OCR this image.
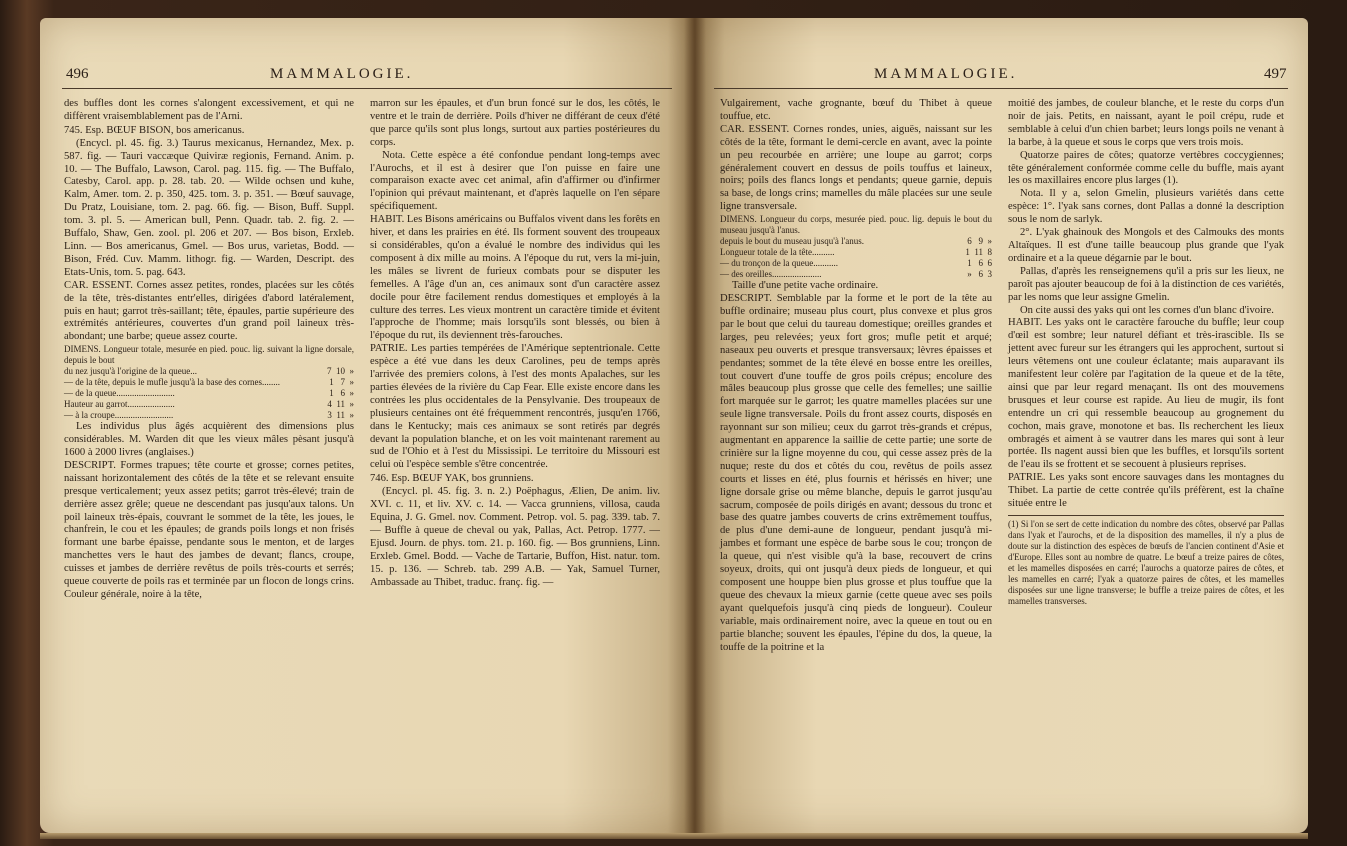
496	MAMMALOGIE.

des buffles dont les cornes s'alongent excessivement, et qui ne diffèrent vraisemblablement pas de l'Arni.

745. Esp. BŒUF BISON, bos americanus.

(Encycl. pl. 45. fig. 3.) Taurus mexicanus, Hernandez, Mex. p. 587. fig. — Tauri vaccæque Quiviræ regionis, Fernand. Anim. p. 10. — The Buffalo, Lawson, Carol. pag. 115. fig. — The Buffalo, Catesby, Carol. app. p. 28. tab. 20. — Wilde ochsen und kuhe, Kalm, Amer. tom. 2. p. 350, 425. tom. 3. p. 351. — Bœuf sauvage, Du Pratz, Louisiane, tom. 2. pag. 66. fig. — Bison, Buff. Suppl. tom. 3. pl. 5. — American bull, Penn. Quadr. tab. 2. fig. 2. — Buffalo, Shaw, Gen. zool. pl. 206 et 207. — Bos bison, Erxleb. Linn. — Bos americanus, Gmel. — Bos urus, varietas, Bodd. — Bison, Fréd. Cuv. Mamm. lithogr. fig. — Warden, Descript. des Etats-Unis, tom. 5. pag. 643.

CAR. ESSENT. Cornes assez petites, rondes, placées sur les côtés de la tête, très-distantes entr'elles, dirigées d'abord latéralement, puis en haut; garrot très-saillant; tête, épaules, partie supérieure des extrémités antérieures, couvertes d'un grand poil laineux très-abondant; une barbe; queue assez courte.

DIMENS. Longueur totale, mesurée en pied. pouc. lig. suivant la ligne dorsale, depuis le bout
du nez jusqu'à l'origine de la queue...	7  10  »
— de la tête, depuis le mufle jusqu'à la base des cornes........	1   7  »
— de la queue..........................	1   6  »
Hauteur au garrot.....................	4  11  »
— à la croupe..........................	3  11  »

Les individus plus âgés acquièrent des dimensions plus considérables. M. Warden dit que les vieux mâles pèsant jusqu'à 1600 à 2000 livres (anglaises.)

DESCRIPT. Formes trapues; tête courte et grosse; cornes petites, naissant horizontalement des côtés de la tête et se relevant ensuite presque verticalement; yeux assez petits; garrot très-élevé; train de derrière assez grêle; queue ne descendant pas jusqu'aux talons. Un poil laineux très-épais, couvrant le sommet de la tête, les joues, le chanfrein, le cou et les épaules; de grands poils longs et non frisés formant une barbe épaisse, pendante sous le menton, et de larges manchettes vers le haut des jambes de devant; flancs, croupe, cuisses et jambes de derrière revêtus de poils très-courts et serrés; queue couverte de poils ras et terminée par un flocon de longs crins. Couleur générale, noire à la tête,

marron sur les épaules, et d'un brun foncé sur le dos, les côtés, le ventre et le train de derrière. Poils d'hiver ne différant de ceux d'été que parce qu'ils sont plus longs, surtout aux parties postérieures du corps.

Nota. Cette espèce a été confondue pendant long-temps avec l'Aurochs, et il est à desirer que l'on puisse en faire une comparaison exacte avec cet animal, afin d'affirmer ou d'infirmer l'opinion qui prévaut maintenant, et d'après laquelle on l'en sépare spécifiquement.

HABIT. Les Bisons américains ou Buffalos vivent dans les forêts en hiver, et dans les prairies en été. Ils forment souvent des troupeaux si considérables, qu'on a évalué le nombre des individus qui les composent à dix mille au moins. A l'époque du rut, vers la mi-juin, les mâles se livrent de furieux combats pour se disputer les femelles. A l'âge d'un an, ces animaux sont d'un caractère assez docile pour être facilement rendus domestiques et employés à la culture des terres. Les vieux montrent un caractère timide et évitent l'approche de l'homme; mais lorsqu'ils sont blessés, ou bien à l'époque du rut, ils deviennent très-farouches.

PATRIE. Les parties tempérées de l'Amérique septentrionale. Cette espèce a été vue dans les deux Carolines, peu de temps après l'arrivée des premiers colons, à l'est des monts Apalaches, sur les parties élevées de la rivière du Cap Fear. Elle existe encore dans les contrées les plus occidentales de la Pensylvanie. Des troupeaux de plusieurs centaines ont été fréquemment rencontrés, jusqu'en 1766, dans le Kentucky; mais ces animaux se sont retirés par degrés devant la population blanche, et on les voit maintenant rarement au sud de l'Ohio et à l'est du Mississipi. Le territoire du Missouri est celui où l'espèce semble s'être concentrée.

746. Esp. BŒUF YAK, bos grunniens.

(Encycl. pl. 45. fig. 3. n. 2.) Poëphagus, Ælien, De anim. liv. XVI. c. 11, et liv. XV. c. 14. — Vacca grunniens, villosa, cauda Equina, J. G. Gmel. nov. Comment. Petrop. vol. 5. pag. 339. tab. 7. — Buffle à queue de cheval ou yak, Pallas, Act. Petrop. 1777. — Ejusd. Journ. de phys. tom. 21. p. 160. fig. — Bos grunniens, Linn. Erxleb. Gmel. Bodd. — Vache de Tartarie, Buffon, Hist. natur. tom. 15. p. 136. — Schreb. tab. 299 A.B. — Yak, Samuel Turner, Ambassade au Thibet, traduc. franç. fig. —

MAMMALOGIE.	497

Vulgairement, vache grognante, bœuf du Thibet à queue touffue, etc.

CAR. ESSENT. Cornes rondes, unies, aiguës, naissant sur les côtés de la tête, formant le demi-cercle en avant, avec la pointe un peu recourbée en arrière; une loupe au garrot; corps généralement couvert en dessus de poils touffus et laineux, noirs; poils des flancs longs et pendants; queue garnie, depuis sa base, de longs crins; mamelles du mâle placées sur une seule ligne transversale.

DIMENS. Longueur du corps, mesurée pied. pouc. lig. depuis le bout du museau jusqu'à l'anus.
depuis le bout du museau jusqu'à l'anus.	6   9  »
Longueur totale de la tête..........	1  11  8
— du tronçon de la queue...........	1   6  6
— des oreilles......................	»   6  3

Taille d'une petite vache ordinaire.

DESCRIPT. Semblable par la forme et le port de la tête au buffle ordinaire; museau plus court, plus convexe et plus gros par le bout que celui du taureau domestique; oreilles grandes et larges, peu relevées; yeux fort gros; mufle petit et arqué; naseaux peu ouverts et presque transversaux; lèvres épaisses et pendantes; sommet de la tête élevé en bosse entre les oreilles, tout couvert d'une touffe de gros poils crépus; encolure des mâles beaucoup plus grosse que celle des femelles; une saillie fort marquée sur le garrot; les quatre mamelles placées sur une seule ligne transversale. Poils du front assez courts, disposés en rayonnant sur son milieu; ceux du garrot très-grands et crépus, augmentant en apparence la saillie de cette partie; une sorte de crinière sur la ligne moyenne du cou, qui cesse assez près de la nuque; reste du dos et côtés du cou, revêtus de poils assez courts et lisses en été, plus fournis et hérissés en hiver; une ligne dorsale grise ou même blanche, depuis le garrot jusqu'au sacrum, composée de poils dirigés en avant; dessous du tronc et base des quatre jambes couverts de crins extrêmement touffus, de plus d'une demi-aune de longueur, pendant jusqu'à mi-jambes et formant une espèce de barbe sous le cou; tronçon de la queue, qui n'est visible qu'à la base, recouvert de crins soyeux, droits, qui ont jusqu'à deux pieds de longueur, et qui composent une houppe bien plus grosse et plus touffue que la queue des chevaux la mieux garnie (cette queue avec ses poils ayant quelquefois jusqu'à cinq pieds de longueur). Couleur variable, mais ordinairement noire, avec la queue en tout ou en partie blanche; souvent les épaules, l'épine du dos, la queue, la touffe de la poitrine et la

moitié des jambes, de couleur blanche, et le reste du corps d'un noir de jais. Petits, en naissant, ayant le poil crépu, rude et semblable à celui d'un chien barbet; leurs longs poils ne venant à la barbe, à la queue et sous le corps que vers trois mois.

Quatorze paires de côtes; quatorze vertèbres coccygiennes; tête généralement conformée comme celle du buffle, mais ayant les os maxillaires encore plus larges (1).

Nota. Il y a, selon Gmelin, plusieurs variétés dans cette espèce: 1°. l'yak sans cornes, dont Pallas a donné la description sous le nom de sarlyk.

2°. L'yak ghainouk des Mongols et des Calmouks des monts Altaïques. Il est d'une taille beaucoup plus grande que l'yak ordinaire et a la queue dégarnie par le bout.

Pallas, d'après les renseignemens qu'il a pris sur les lieux, ne paroît pas ajouter beaucoup de foi à la distinction de ces variétés, par les noms que leur assigne Gmelin.

On cite aussi des yaks qui ont les cornes d'un blanc d'ivoire.

HABIT. Les yaks ont le caractère farouche du buffle; leur coup d'œil est sombre; leur naturel défiant et très-irascible. Ils se jettent avec fureur sur les étrangers qui les approchent, surtout si leurs vêtemens ont une couleur éclatante; mais auparavant ils manifestent leur colère par l'agitation de la queue et de la tête, ainsi que par leur regard menaçant. Ils ont des mouvemens brusques et leur course est rapide. Au lieu de mugir, ils font entendre un cri qui ressemble beaucoup au grognement du cochon, mais grave, monotone et bas. Ils recherchent les lieux ombragés et aiment à se vautrer dans les mares qui sont à leur portée. Ils nagent aussi bien que les buffles, et lorsqu'ils sortent de l'eau ils se frottent et se secouent à plusieurs reprises.

PATRIE. Les yaks sont encore sauvages dans les montagnes du Thibet. La partie de cette contrée qu'ils préfèrent, est la chaîne située entre le

(1) Si l'on se sert de cette indication du nombre des côtes, observé par Pallas dans l'yak et l'aurochs, et de la disposition des mamelles, il n'y a plus de doute sur la distinction des espèces de bœufs de l'ancien continent d'Asie et d'Europe. Elles sont au nombre de quatre. Le bœuf a treize paires de côtes, et les mamelles disposées en carré; l'aurochs a quatorze paires de côtes, et les mamelles en carré; l'yak a quatorze paires de côtes, et les mamelles disposées sur une ligne transverse; le buffle a treize paires de côtes, et les mamelles transverses.
